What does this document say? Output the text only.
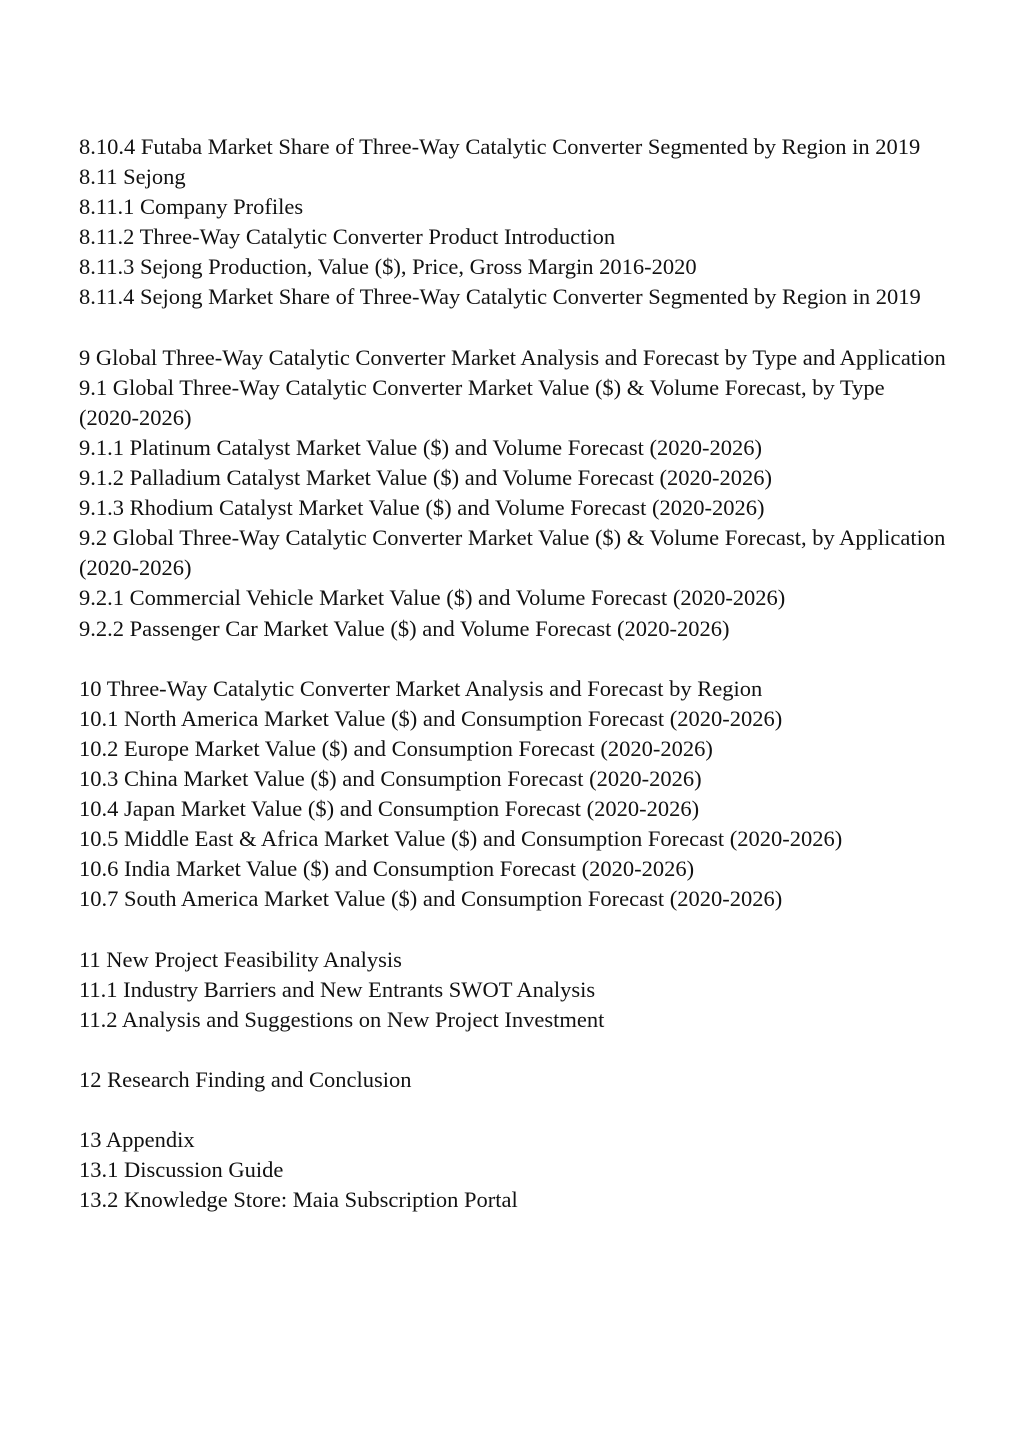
8.10.4 Futaba Market Share of Three-Way Catalytic Converter Segmented by Region in 2019
8.11 Sejong
8.11.1 Company Profiles
8.11.2 Three-Way Catalytic Converter Product Introduction
8.11.3 Sejong Production, Value ($), Price, Gross Margin 2016-2020
8.11.4 Sejong Market Share of Three-Way Catalytic Converter Segmented by Region in 2019
9 Global Three-Way Catalytic Converter Market Analysis and Forecast by Type and Application
9.1 Global Three-Way Catalytic Converter Market Value ($) & Volume Forecast, by Type (2020-2026)
9.1.1 Platinum Catalyst Market Value ($) and Volume Forecast (2020-2026)
9.1.2 Palladium Catalyst Market Value ($) and Volume Forecast (2020-2026)
9.1.3 Rhodium Catalyst Market Value ($) and Volume Forecast (2020-2026)
9.2 Global Three-Way Catalytic Converter Market Value ($) & Volume Forecast, by Application (2020-2026)
9.2.1 Commercial Vehicle Market Value ($) and Volume Forecast (2020-2026)
9.2.2 Passenger Car Market Value ($) and Volume Forecast (2020-2026)
10 Three-Way Catalytic Converter Market Analysis and Forecast by Region
10.1 North America Market Value ($) and Consumption Forecast (2020-2026)
10.2 Europe Market Value ($) and Consumption Forecast (2020-2026)
10.3 China Market Value ($) and Consumption Forecast (2020-2026)
10.4 Japan Market Value ($) and Consumption Forecast (2020-2026)
10.5 Middle East & Africa Market Value ($) and Consumption Forecast (2020-2026)
10.6 India Market Value ($) and Consumption Forecast (2020-2026)
10.7 South America Market Value ($) and Consumption Forecast (2020-2026)
11 New Project Feasibility Analysis
11.1 Industry Barriers and New Entrants SWOT Analysis
11.2 Analysis and Suggestions on New Project Investment
12 Research Finding and Conclusion
13 Appendix
13.1 Discussion Guide
13.2 Knowledge Store: Maia Subscription Portal
